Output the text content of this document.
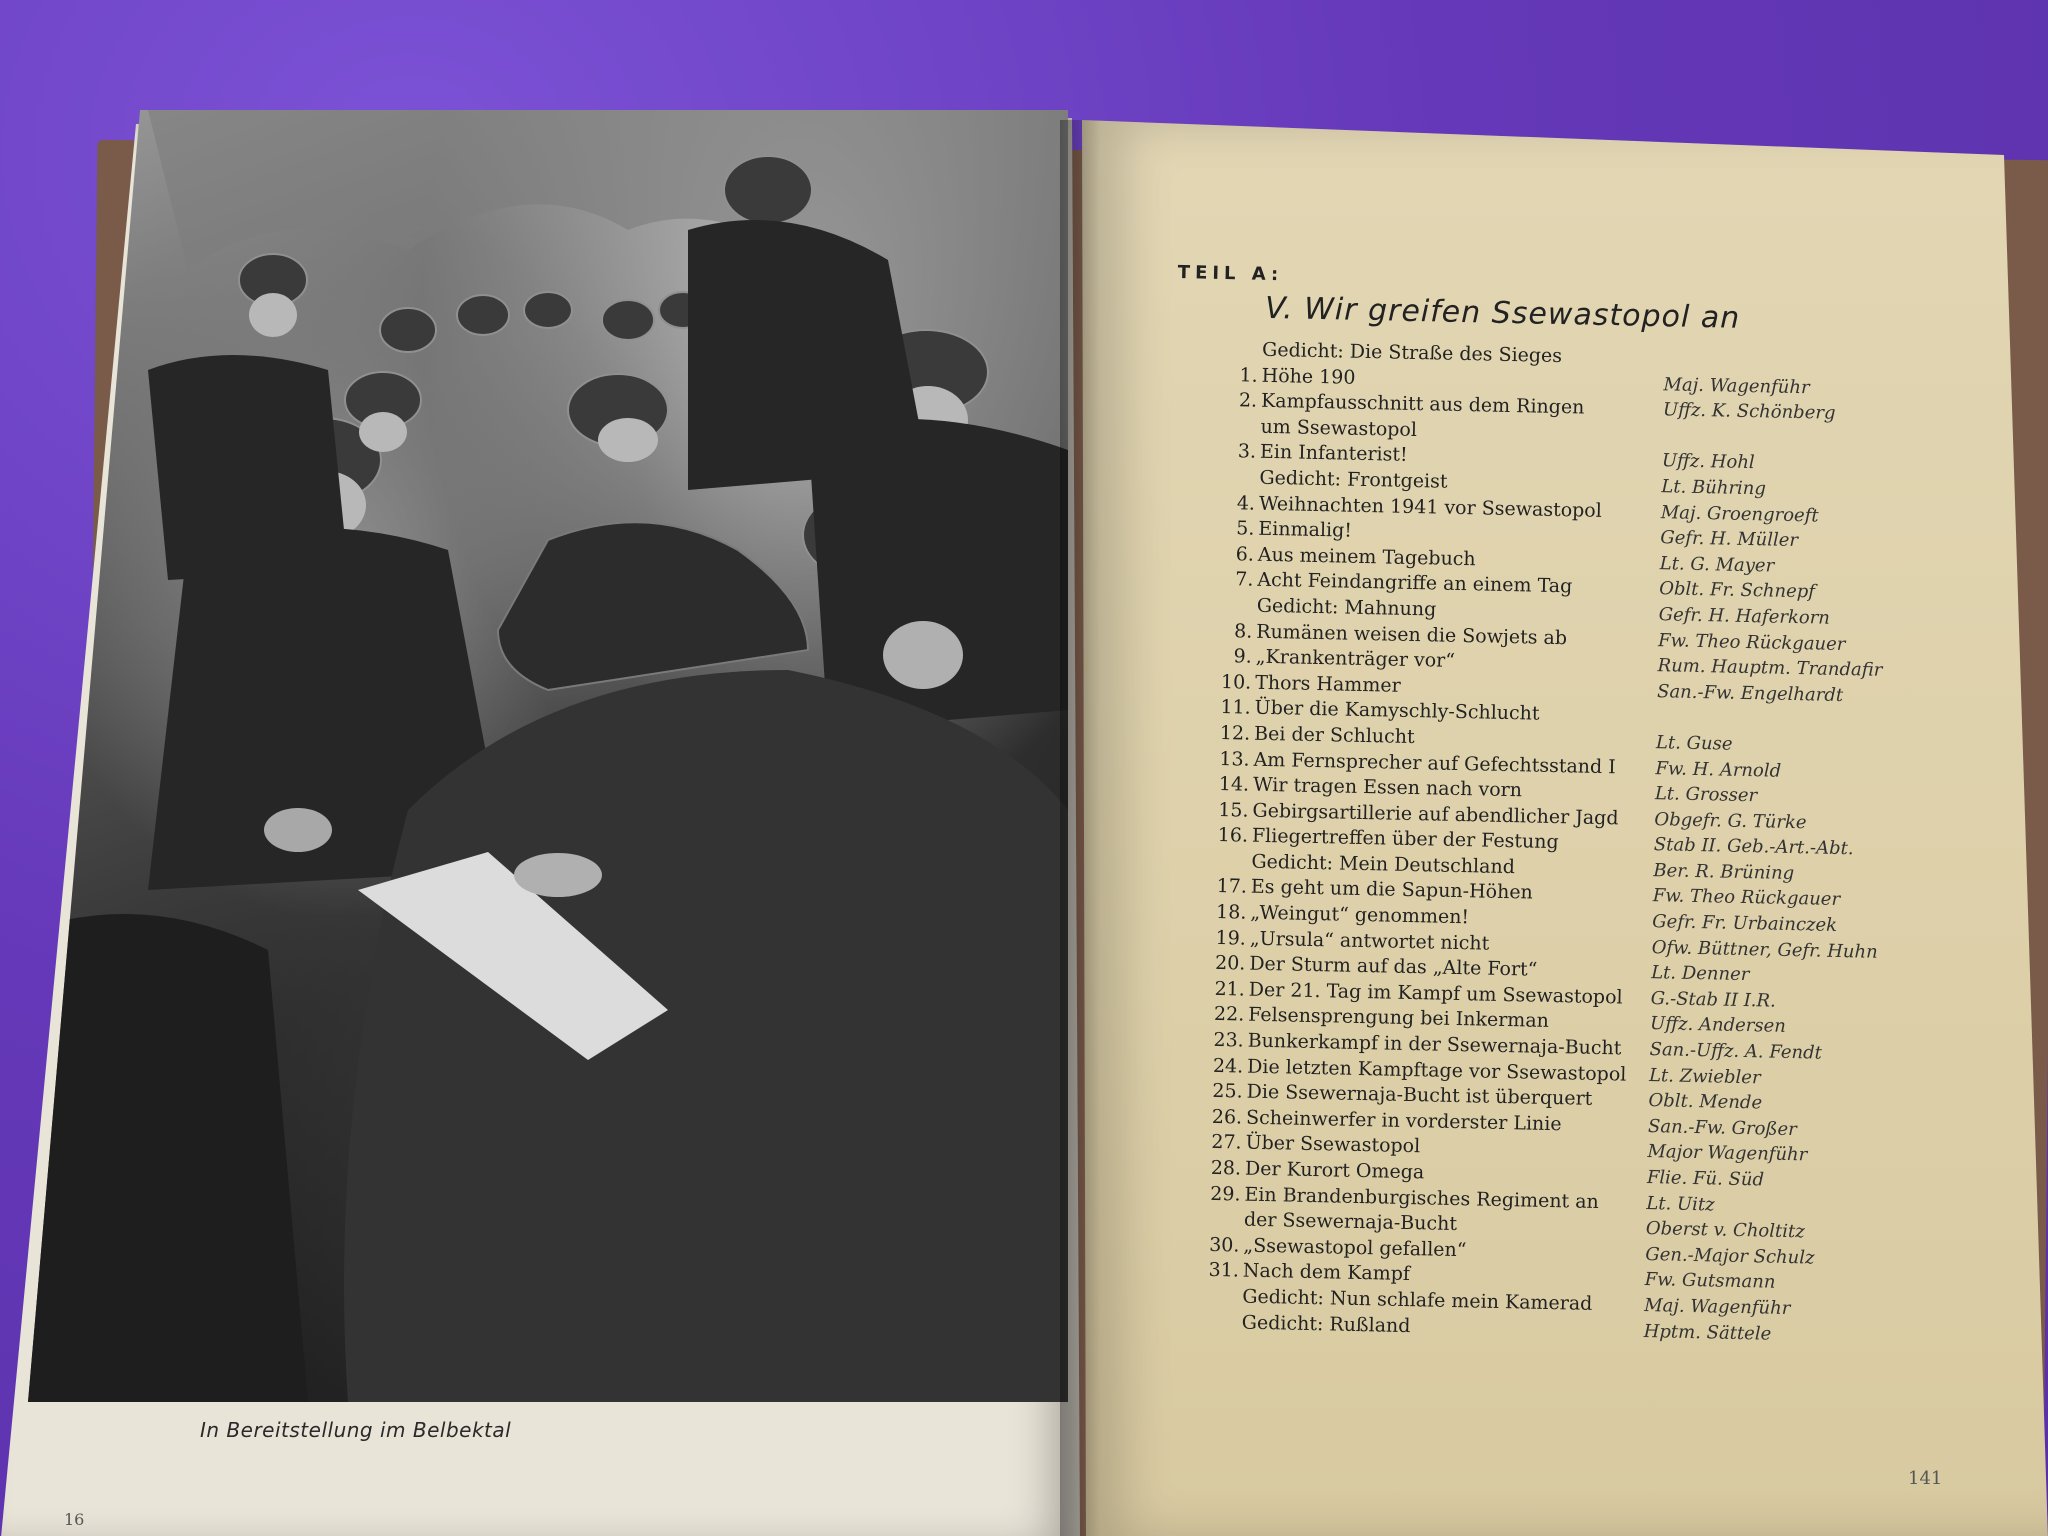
In Bereitstellung im Belbektal
16
TEIL A:
V. Wir greifen Ssewastopol an
Gedicht: Die Straße des Sieges
1. Höhe 190	Maj. Wagenführ
2. Kampfausschnitt aus dem Ringen	Uffz. K. Schönberg
um Ssewastopol
3. Ein Infanterist!	Uffz. Hohl
Gedicht: Frontgeist	Lt. Bühring
4. Weihnachten 1941 vor Ssewastopol	Maj. Groengroeft
5. Einmalig!	Gefr. H. Müller
6. Aus meinem Tagebuch	Lt. G. Mayer
7. Acht Feindangriffe an einem Tag	Oblt. Fr. Schnepf
Gedicht: Mahnung	Gefr. H. Haferkorn
8. Rumänen weisen die Sowjets ab	Fw. Theo Rückgauer
9. „Krankenträger vor“	Rum. Hauptm. Trandafir
10. Thors Hammer	San.-Fw. Engelhardt
11. Über die Kamyschly-Schlucht
12. Bei der Schlucht	Lt. Guse
13. Am Fernsprecher auf Gefechtsstand I	Fw. H. Arnold
14. Wir tragen Essen nach vorn	Lt. Grosser
15. Gebirgsartillerie auf abendlicher Jagd	Obgefr. G. Türke
16. Fliegertreffen über der Festung	Stab II. Geb.-Art.-Abt.
Gedicht: Mein Deutschland	Ber. R. Brüning
17. Es geht um die Sapun-Höhen	Fw. Theo Rückgauer
18. „Weingut“ genommen!	Gefr. Fr. Urbainczek
19. „Ursula“ antwortet nicht	Ofw. Büttner, Gefr. Huhn
20. Der Sturm auf das „Alte Fort“	Lt. Denner
21. Der 21. Tag im Kampf um Ssewastopol	G.-Stab II I.R.
22. Felsensprengung bei Inkerman	Uffz. Andersen
23. Bunkerkampf in der Ssewernaja-Bucht	San.-Uffz. A. Fendt
24. Die letzten Kampftage vor Ssewastopol	Lt. Zwiebler
25. Die Ssewernaja-Bucht ist überquert	Oblt. Mende
26. Scheinwerfer in vorderster Linie	San.-Fw. Großer
27. Über Ssewastopol	Major Wagenführ
28. Der Kurort Omega	Flie. Fü. Süd
29. Ein Brandenburgisches Regiment an	Lt. Uitz
der Ssewernaja-Bucht	Oberst v. Choltitz
30. „Ssewastopol gefallen“	Gen.-Major Schulz
31. Nach dem Kampf	Fw. Gutsmann
Gedicht: Nun schlafe mein Kamerad	Maj. Wagenführ
Gedicht: Rußland	Hptm. Sättele
141
